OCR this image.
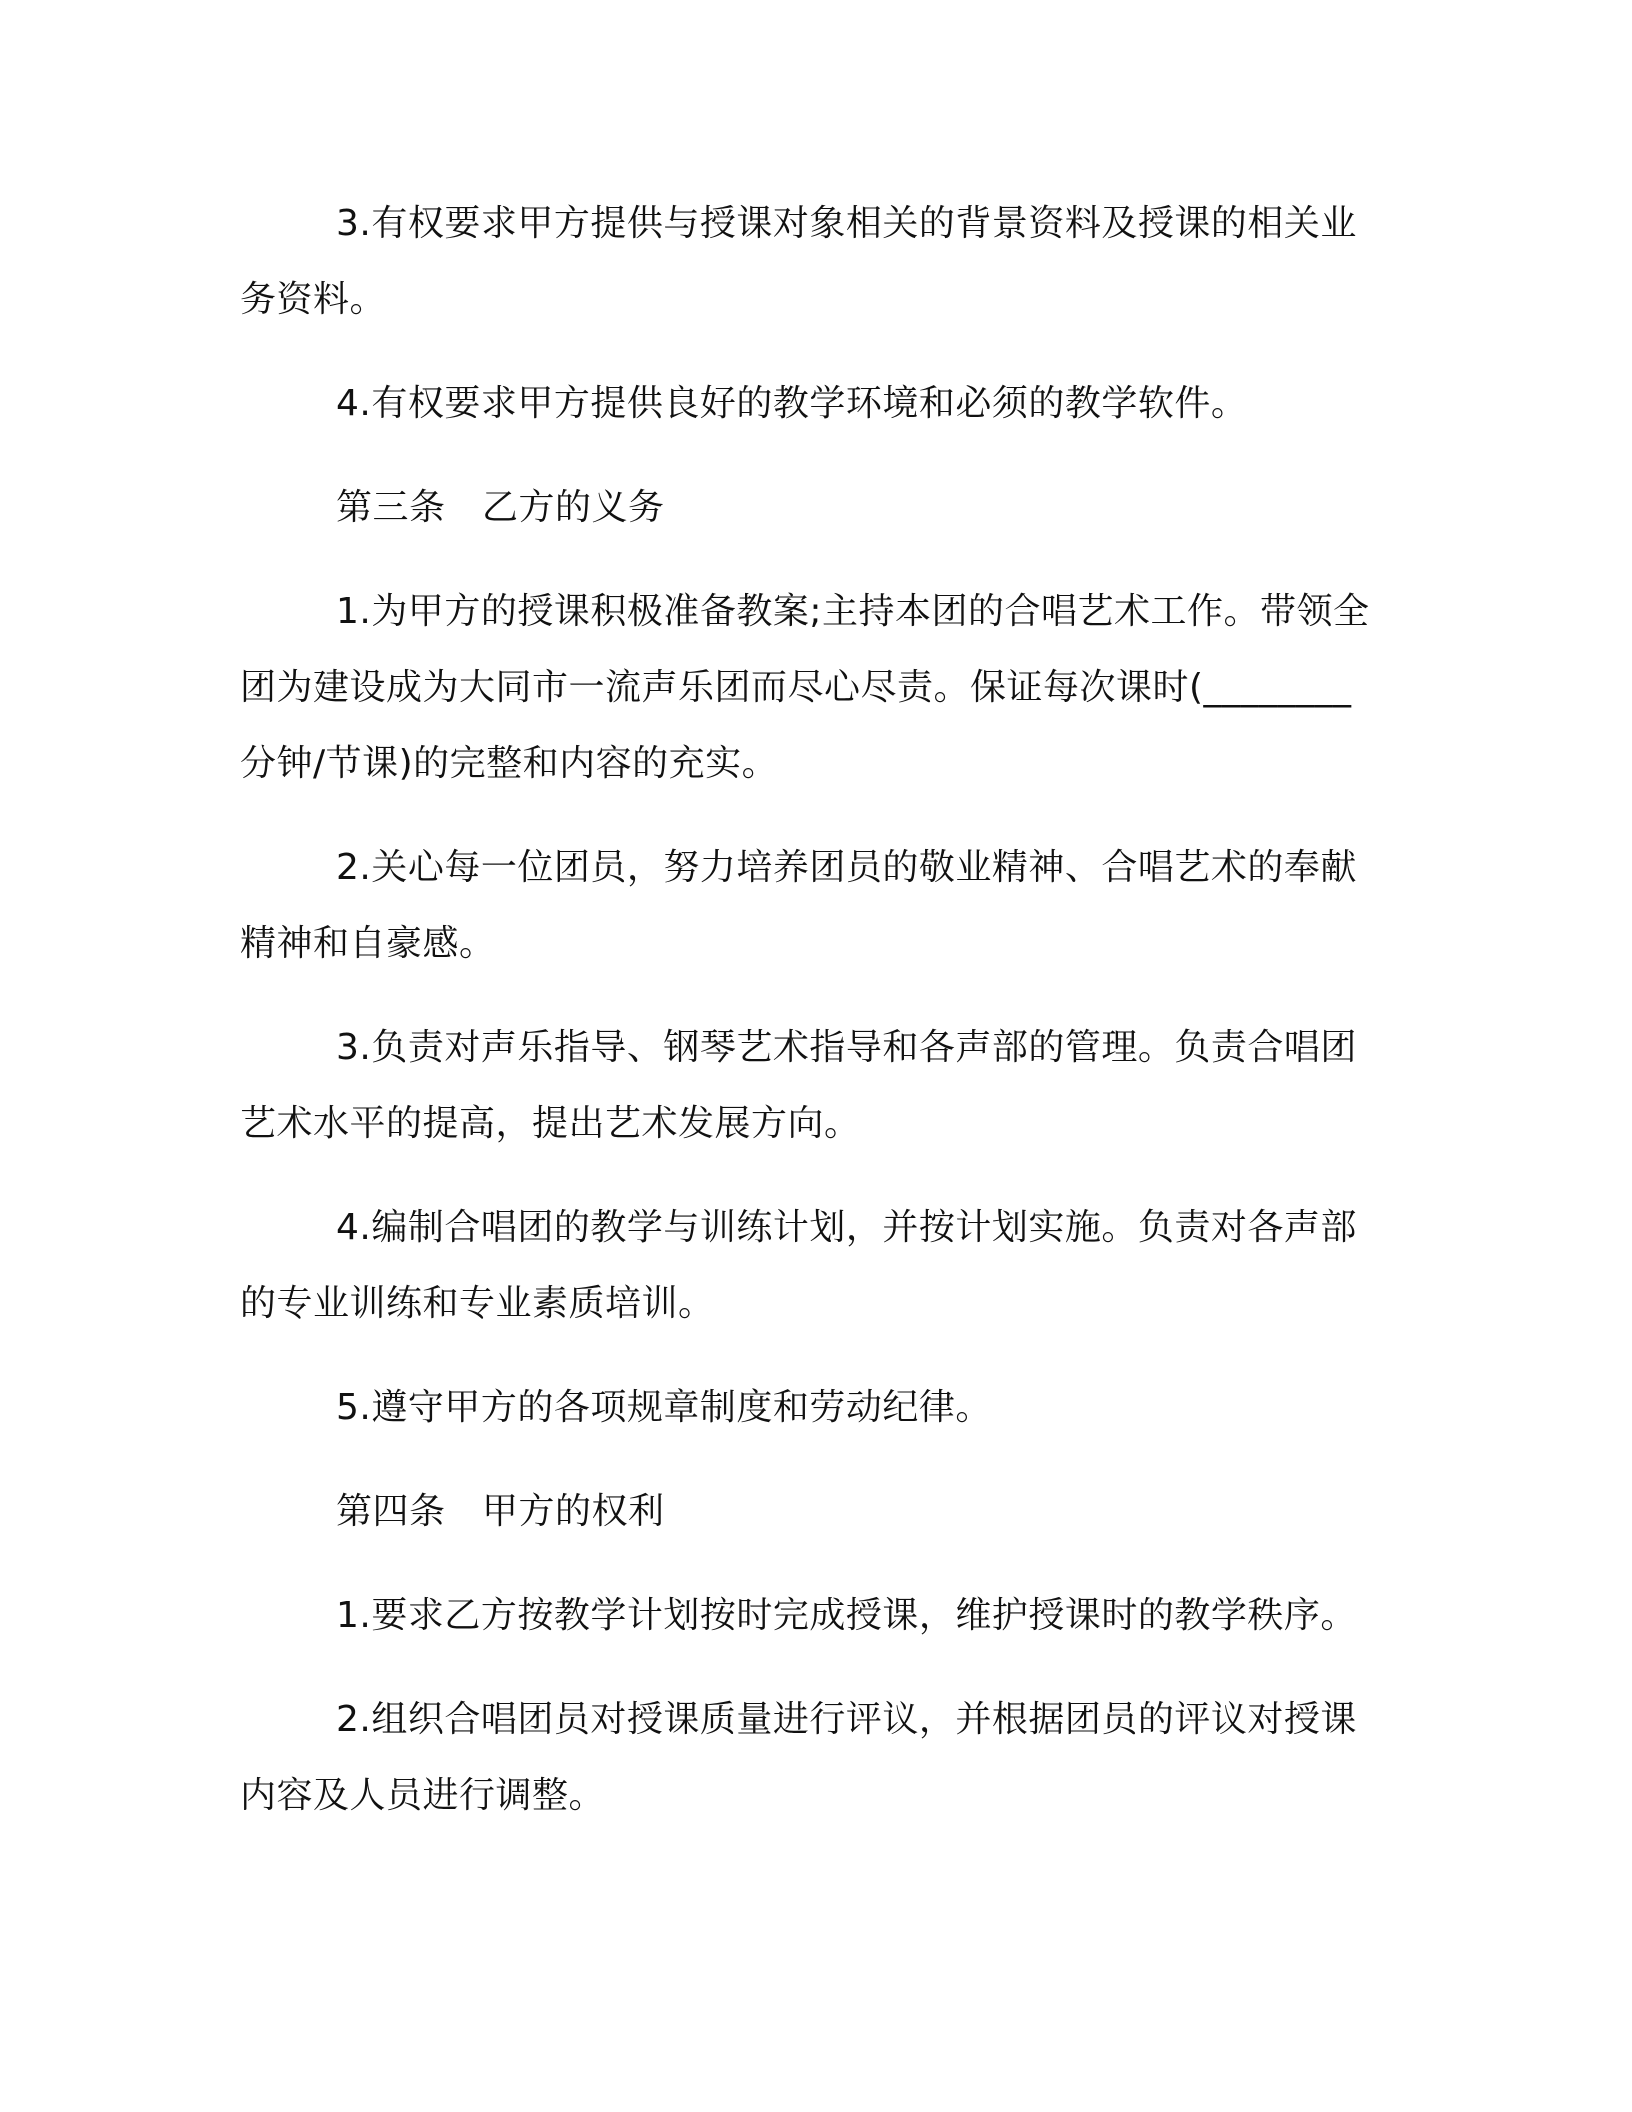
3.有权要求甲方提供与授课对象相关的背景资料及授课的相关业务资料。

4.有权要求甲方提供良好的教学环境和必须的教学软件。

第三条　乙方的义务

1.为甲方的授课积极准备教案;主持本团的合唱艺术工作。带领全团为建设成为大同市一流声乐团而尽心尽责。保证每次课时(________分钟/节课)的完整和内容的充实。

2.关心每一位团员，努力培养团员的敬业精神、合唱艺术的奉献精神和自豪感。

3.负责对声乐指导、钢琴艺术指导和各声部的管理。负责合唱团艺术水平的提高，提出艺术发展方向。

4.编制合唱团的教学与训练计划，并按计划实施。负责对各声部的专业训练和专业素质培训。

5.遵守甲方的各项规章制度和劳动纪律。

第四条　甲方的权利

1.要求乙方按教学计划按时完成授课，维护授课时的教学秩序。

2.组织合唱团员对授课质量进行评议，并根据团员的评议对授课内容及人员进行调整。
